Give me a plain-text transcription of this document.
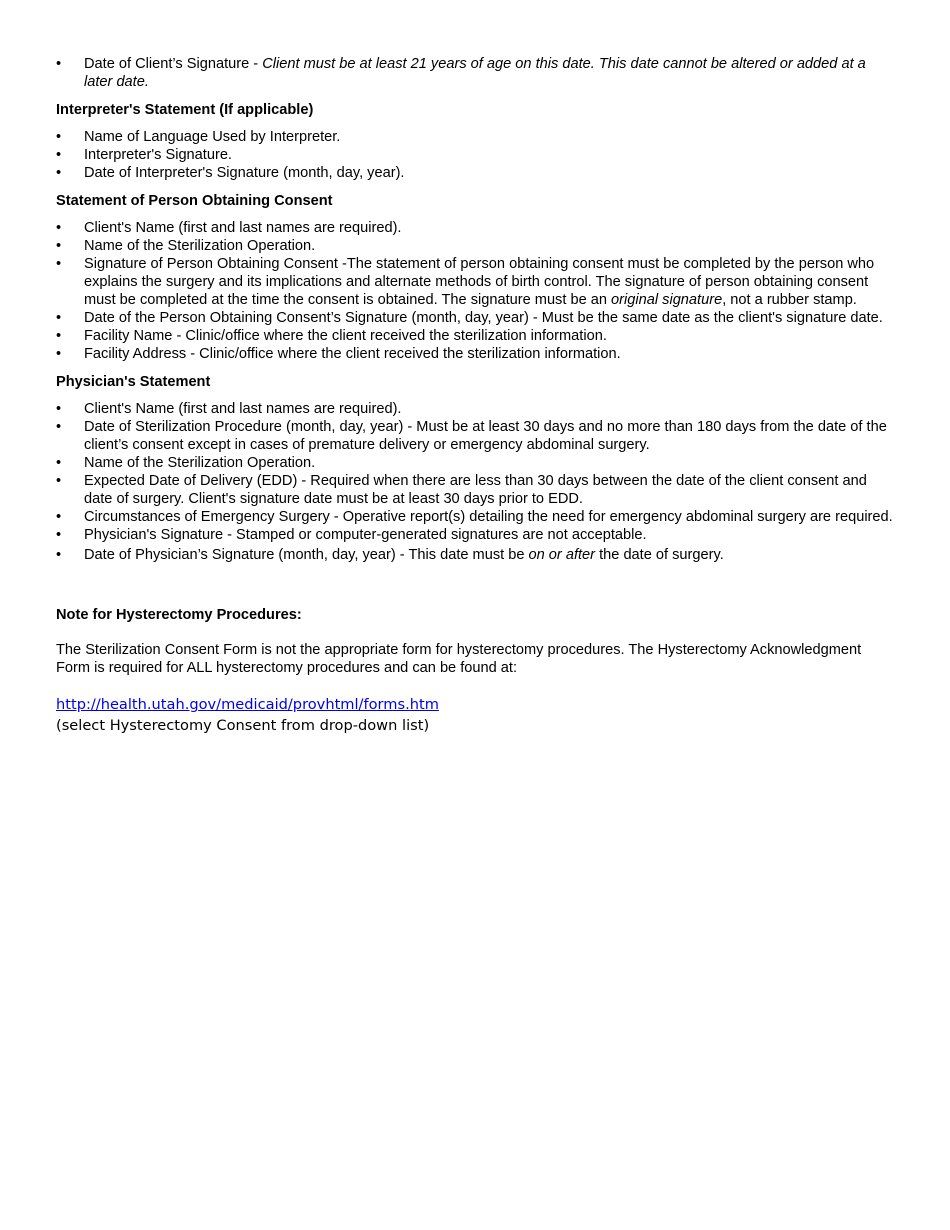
•	Date of Client’s Signature - Client must be at least 21 years of age on this date. This date cannot be altered or added at a later date.
Interpreter's Statement (If applicable)
•	Name of Language Used by Interpreter.
•	Interpreter's Signature.
•	Date of Interpreter's Signature (month, day, year).
Statement of Person Obtaining Consent
•	Client's Name (first and last names are required).
•	Name of the Sterilization Operation.
•	Signature of Person Obtaining Consent -The statement of person obtaining consent must be completed by the person who explains the surgery and its implications and alternate methods of birth control. The signature of person obtaining consent must be completed at the time the consent is obtained. The signature must be an original signature, not a rubber stamp.
•	Date of the Person Obtaining Consent’s Signature (month, day, year) - Must be the same date as the client's signature date.
•	Facility Name - Clinic/office where the client received the sterilization information.
•	Facility Address - Clinic/office where the client received the sterilization information.
Physician's Statement
•	Client's Name (first and last names are required).
•	Date of Sterilization Procedure (month, day, year) - Must be at least 30 days and no more than 180 days from the date of the client’s consent except in cases of premature delivery or emergency abdominal surgery.
•	Name of the Sterilization Operation.
•	Expected Date of Delivery (EDD) - Required when there are less than 30 days between the date of the client consent and date of surgery. Client's signature date must be at least 30 days prior to EDD.
•	Circumstances of Emergency Surgery - Operative report(s) detailing the need for emergency abdominal surgery are required.
•	Physician's Signature - Stamped or computer-generated signatures are not acceptable.
•	Date of Physician’s Signature (month, day, year) - This date must be on or after the date of surgery.
Note for Hysterectomy Procedures:

The Sterilization Consent Form is not the appropriate form for hysterectomy procedures. The Hysterectomy Acknowledgment Form is required for ALL hysterectomy procedures and can be found at:

http://health.utah.gov/medicaid/provhtml/forms.htm
(select Hysterectomy Consent from drop-down list)
